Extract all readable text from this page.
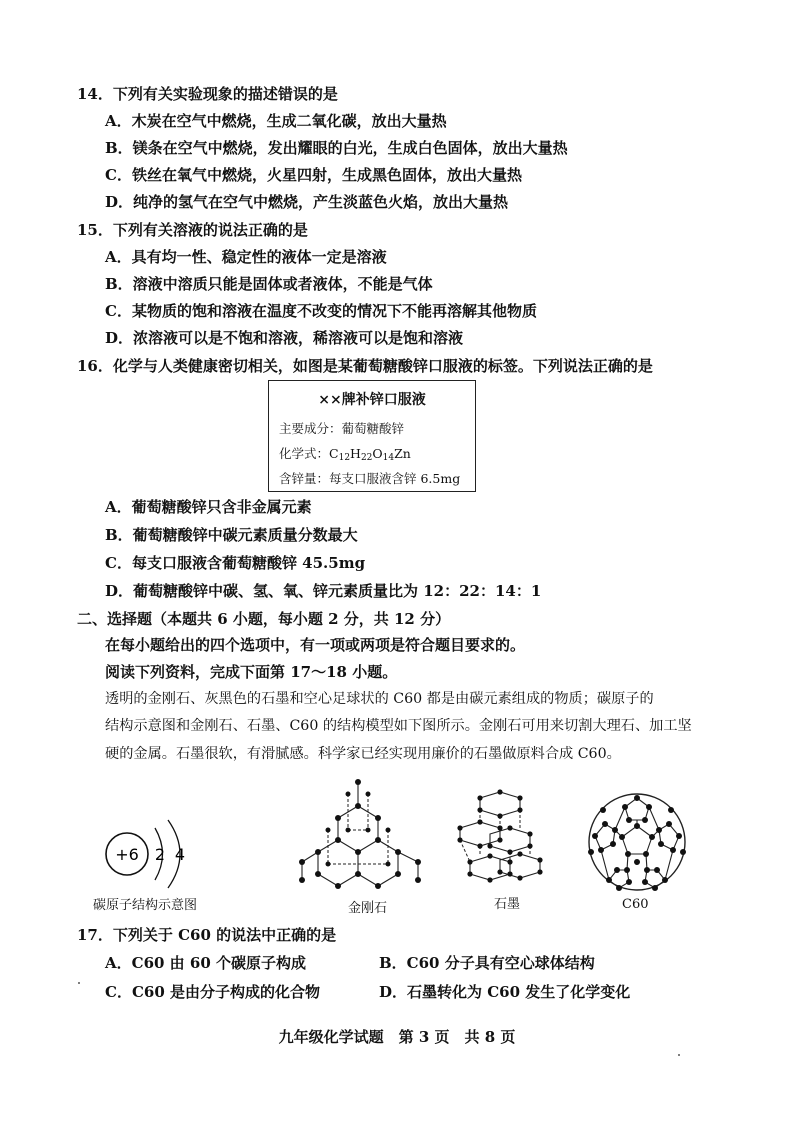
14．下列有关实验现象的描述错误的是
A．木炭在空气中燃烧，生成二氧化碳，放出大量热
B．镁条在空气中燃烧，发出耀眼的白光，生成白色固体，放出大量热
C．铁丝在氧气中燃烧，火星四射，生成黑色固体，放出大量热
D．纯净的氢气在空气中燃烧，产生淡蓝色火焰，放出大量热
15．下列有关溶液的说法正确的是
A．具有均一性、稳定性的液体一定是溶液
B．溶液中溶质只能是固体或者液体，不能是气体
C．某物质的饱和溶液在温度不改变的情况下不能再溶解其他物质
D．浓溶液可以是不饱和溶液，稀溶液可以是饱和溶液
16．化学与人类健康密切相关，如图是某葡萄糖酸锌口服液的标签。下列说法正确的是
××牌补锌口服液
主要成分：葡萄糖酸锌
化学式：$C_{12}H_{22}O_{14}Zn$
含锌量：每支口服液含锌 6.5mg
A．葡萄糖酸锌只含非金属元素
B．葡萄糖酸锌中碳元素质量分数最大
C．每支口服液含葡萄糖酸锌 45.5mg
D．葡萄糖酸锌中碳、氢、氧、锌元素质量比为 12：22：14：1
二、选择题（本题共 6 小题，每小题 2 分，共 12 分）
在每小题给出的四个选项中，有一项或两项是符合题目要求的。
阅读下列资料，完成下面第 17～18 小题。
透明的金刚石、灰黑色的石墨和空心足球状的 C60 都是由碳元素组成的物质；碳原子的
结构示意图和金刚石、石墨、C60 的结构模型如下图所示。金刚石可用来切割大理石、加工坚
硬的金属。石墨很软，有滑腻感。科学家已经实现用廉价的石墨做原料合成 C60。
+6 2 4
碳原子结构示意图	金刚石	石墨	C60
17．下列关于 C60 的说法中正确的是
A．C60 由 60 个碳原子构成	B．C60 分子具有空心球体结构
C．C60 是由分子构成的化合物	D．石墨转化为 C60 发生了化学变化
九年级化学试题　第 3 页　共 8 页
